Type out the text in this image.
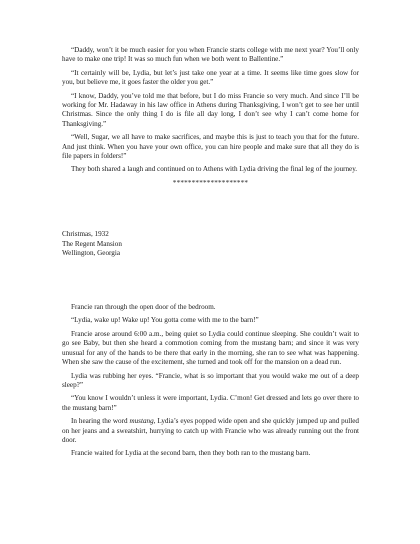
“Daddy, won’t it be much easier for you when Francie starts college with me next year? You’ll only have to make one trip! It was so much fun when we both went to Ballentine.”

“It certainly will be, Lydia, but let’s just take one year at a time. It seems like time goes slow for you, but believe me, it goes faster the older you get.”

“I know, Daddy, you’ve told me that before, but I do miss Francie so very much. And since I’ll be working for Mr. Hadaway in his law office in Athens during Thanksgiving, I won’t get to see her until Christmas. Since the only thing I do is file all day long, I don’t see why I can’t come home for Thanksgiving.”

“Well, Sugar, we all have to make sacrifices, and maybe this is just to teach you that for the future. And just think. When you have your own office, you can hire people and make sure that all they do is file papers in folders!”

They both shared a laugh and continued on to Athens with Lydia driving the final leg of the journey.

********************
Christmas, 1932
The Regent Mansion
Wellington, Georgia

Francie ran through the open door of the bedroom.

“Lydia, wake up! Wake up! You gotta come with me to the barn!”

Francie arose around 6:00 a.m., being quiet so Lydia could continue sleeping. She couldn’t wait to go see Baby, but then she heard a commotion coming from the mustang barn; and since it was very unusual for any of the hands to be there that early in the morning, she ran to see what was happening. When she saw the cause of the excitement, she turned and took off for the mansion on a dead run.

Lydia was rubbing her eyes. “Francie, what is so important that you would wake me out of a deep sleep?”

“You know I wouldn’t unless it were important, Lydia. C’mon! Get dressed and lets go over there to the mustang barn!”

In hearing the word mustang, Lydia’s eyes popped wide open and she quickly jumped up and pulled on her jeans and a sweatshirt, hurrying to catch up with Francie who was already running out the front door.

Francie waited for Lydia at the second barn, then they both ran to the mustang barn.
